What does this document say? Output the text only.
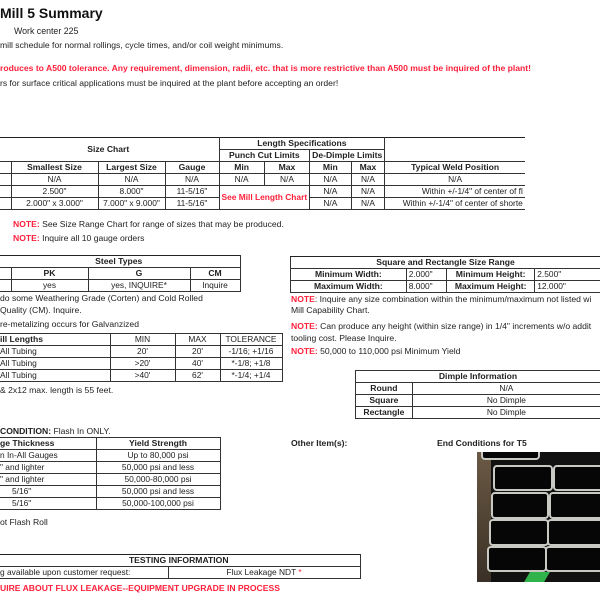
Mill 5 Summary
Work center 225
mill schedule for normal rollings, cycle times, and/or coil weight minimums.
roduces to A500 tolerance. Any requirement, dimension, radii, etc. that is more restrictive than A500 must be inquired of the plant!
rs for surface critical applications must be inquired at the plant before accepting an order!
Size Chart				Length Specifications				
				Punch Cut Limits		De-Dimple Limits		
	Smallest Size	Largest Size	Gauge	Min	Max	Min	Max	Typical Weld Position
	N/A	N/A	N/A	N/A	N/A	N/A	N/A	N/A
	2.500"	8.000"	11-5/16"	See Mill Length Chart		N/A	N/A	Within +/-1/4" of center of fl
	2.000" x 3.000"	7.000" x 9.000"	11-5/16"			N/A	N/A	Within +/-1/4" of center of shorte
NOTE: See Size Range Chart for range of sizes that may be produced.
NOTE: Inquire all 10 gauge orders
Steel Types			
	PK	G	CM
	yes	yes, INQUIRE*	Inquire
do some Weathering Grade (Corten) and Cold Rolled
Quality (CM). Inquire.
re-metalizing occurs for Galvanzized
Square and Rectangle Size Range			
Minimum Width:	2.000"	Minimum Height:	2.500"
Maximum Width:	8.000"	Maximum Height:	12.000"
NOTE: Inquire any size combination within the minimum/maximum not listed wi
Mill Capability Chart.
NOTE: Can produce any height (within size range) in 1/4" increments w/o addit
tooling cost. Please Inquire.
NOTE: 50,000 to 110,000 psi Minimum Yield
ill Lengths	MIN	MAX	TOLERANCE
All Tubing	20'	20'	-1/16; +1/16
All Tubing	>20'	40'	*-1/8; +1/8
All Tubing	>40'	62'	*-1/4; +1/4
& 2x12 max. length is 55 feet.
Dimple Information	
Round	N/A
Square	No Dimple
Rectangle	No Dimple
CONDITION: Flash In ONLY.
ge Thickness	Yield Strength
n In-All Gauges	Up to 80,000 psi
" and lighter	50,000 psi and less
" and lighter	50,000-80,000 psi
5/16"	50,000 psi and less
5/16"	50,000-100,000 psi
ot Flash Roll
Other Item(s):	End Conditions for T5
TESTING INFORMATION
g available upon customer request:	Flux Leakage NDT *
UIRE ABOUT FLUX LEAKAGE--EQUIPMENT UPGRADE IN PROCESS
